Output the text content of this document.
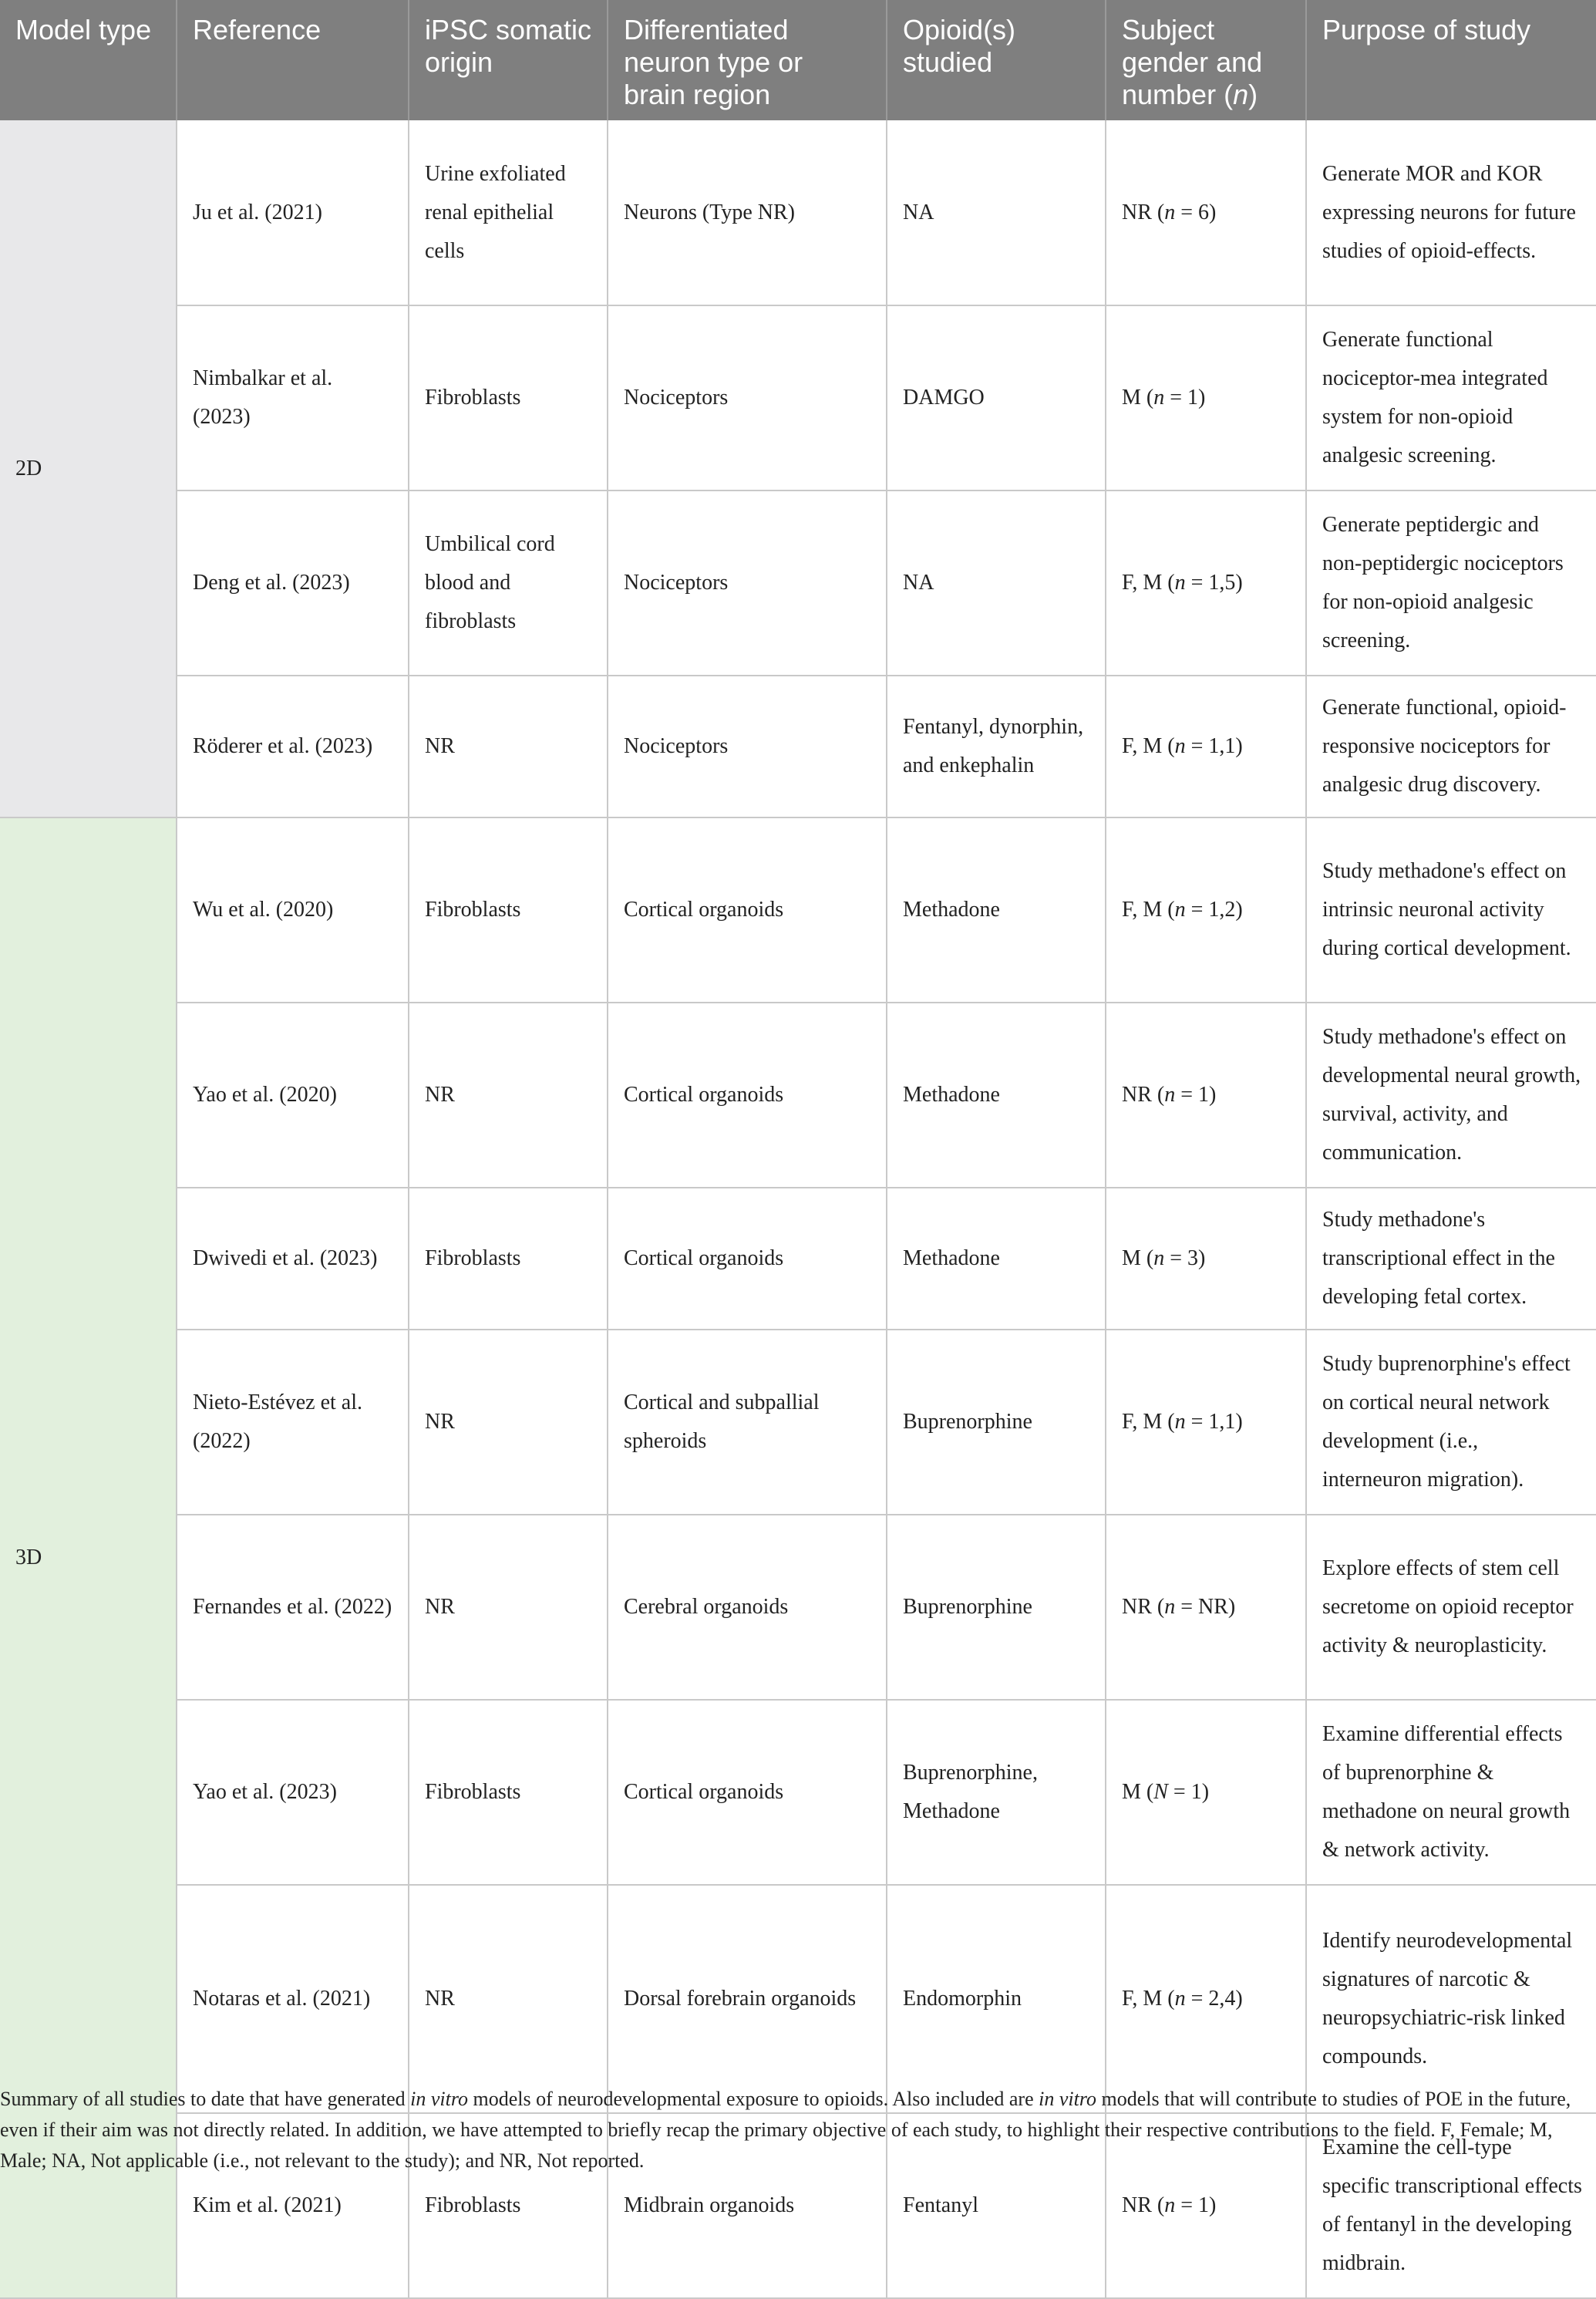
Model type	Reference	iPSC somatic origin	Differentiated neuron type or brain region	Opioid(s) studied	Subject gender and number (n)	Purpose of study
2D	Ju et al. (2021)	Urine exfoliated renal epithelial cells	Neurons (Type NR)	NA	NR (n = 6)	Generate MOR and KOR expressing neurons for future studies of opioid-effects.
	Nimbalkar et al. (2023)	Fibroblasts	Nociceptors	DAMGO	M (n = 1)	Generate functional nociceptor-mea integrated system for non-opioid analgesic screening.
	Deng et al. (2023)	Umbilical cord blood and fibroblasts	Nociceptors	NA	F, M (n = 1,5)	Generate peptidergic and non-peptidergic nociceptors for non-opioid analgesic screening.
	Röderer et al. (2023)	NR	Nociceptors	Fentanyl, dynorphin, and enkephalin	F, M (n = 1,1)	Generate functional, opioid-responsive nociceptors for analgesic drug discovery.
3D	Wu et al. (2020)	Fibroblasts	Cortical organoids	Methadone	F, M (n = 1,2)	Study methadone's effect on intrinsic neuronal activity during cortical development.
	Yao et al. (2020)	NR	Cortical organoids	Methadone	NR (n = 1)	Study methadone's effect on developmental neural growth, survival, activity, and communication.
	Dwivedi et al. (2023)	Fibroblasts	Cortical organoids	Methadone	M (n = 3)	Study methadone's transcriptional effect in the developing fetal cortex.
	Nieto-Estévez et al. (2022)	NR	Cortical and subpallial spheroids	Buprenorphine	F, M (n = 1,1)	Study buprenorphine's effect on cortical neural network development (i.e., interneuron migration).
	Fernandes et al. (2022)	NR	Cerebral organoids	Buprenorphine	NR (n = NR)	Explore effects of stem cell secretome on opioid receptor activity & neuroplasticity.
	Yao et al. (2023)	Fibroblasts	Cortical organoids	Buprenorphine, Methadone	M (N = 1)	Examine differential effects of buprenorphine & methadone on neural growth & network activity.
	Notaras et al. (2021)	NR	Dorsal forebrain organoids	Endomorphin	F, M (n = 2,4)	Identify neurodevelopmental signatures of narcotic & neuropsychiatric-risk linked compounds.
	Kim et al. (2021)	Fibroblasts	Midbrain organoids	Fentanyl	NR (n = 1)	Examine the cell-type specific transcriptional effects of fentanyl in the developing midbrain.
Summary of all studies to date that have generated in vitro models of neurodevelopmental exposure to opioids. Also included are in vitro models that will contribute to studies of POE in the future, even if their aim was not directly related. In addition, we have attempted to briefly recap the primary objective of each study, to highlight their respective contributions to the field. F, Female; M, Male; NA, Not applicable (i.e., not relevant to the study); and NR, Not reported.
